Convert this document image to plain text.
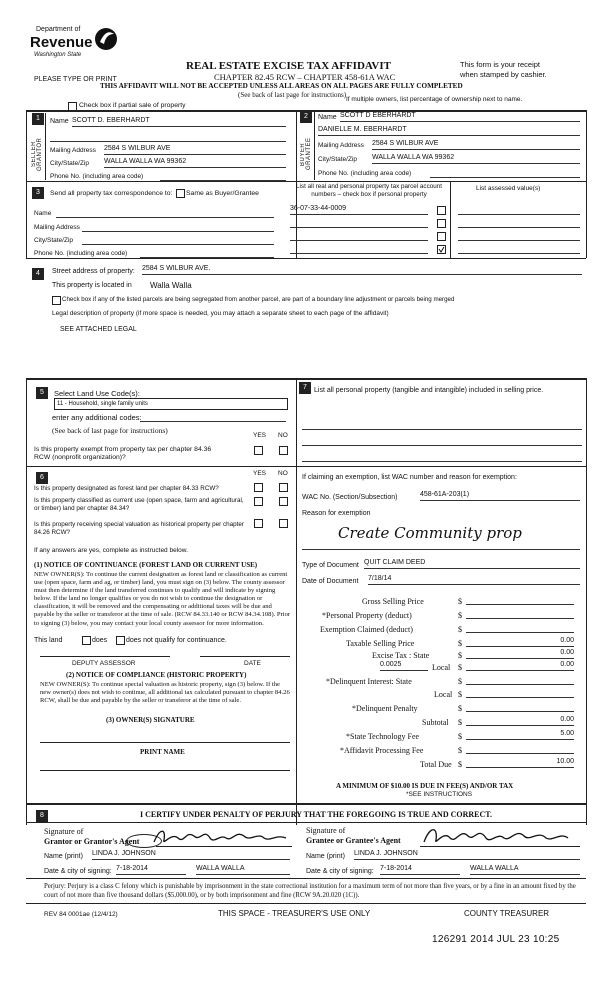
Department of
Revenue
Washington State
PLEASE TYPE OR PRINT
REAL ESTATE EXCISE TAX AFFIDAVIT
CHAPTER 82.45 RCW – CHAPTER 458-61A WAC
THIS AFFIDAVIT WILL NOT BE ACCEPTED UNLESS ALL AREAS ON ALL PAGES ARE FULLY COMPLETED
(See back of last page for instructions)
This form is your receipt
when stamped by cashier.
Check box if partial sale of property
If multiple owners, list percentage of ownership next to name.
1
SELLER GRANTOR
Name SCOTT D. EBERHARDT
Mailing Address 2584 S WILBUR AVE
City/State/Zip WALLA WALLA WA 99362
Phone No. (including area code)
2
BUYER GRANTEE
Name SCOTT D EBERHARDT
DANIELLE M. EBERHARDT
Mailing Address 2584 S WILBUR AVE
City/State/Zip WALLA WALLA WA 99362
Phone No. (including area code)
3	Send all property tax correspondence to: Same as Buyer/Grantee
Name
Mailing Address
City/State/Zip
Phone No. (including area code)
List all real and personal property tax parcel account numbers – check box if personal property
List assessed value(s)
36-07-33-44-0009
4	Street address of property: 2584 S WILBUR AVE.
This property is located in Walla Walla
Check box if any of the listed parcels are being segregated from another parcel, are part of a boundary line adjustment or parcels being merged
Legal description of property (if more space is needed, you may attach a separate sheet to each page of the affidavit)
SEE ATTACHED LEGAL
5	Select Land Use Code(s):
11 - Household, single family units
enter any additional codes:
(See back of last page for instructions)
YES NO
Is this property exempt from property tax per chapter 84.36 RCW (nonprofit organization)?
6
YES NO
Is this property designated as forest land per chapter 84.33 RCW?
Is this property classified as current use (open space, farm and agricultural, or timber) land per chapter 84.34?
Is this property receiving special valuation as historical property per chapter 84.26 RCW?
If any answers are yes, complete as instructed below.
(1) NOTICE OF CONTINUANCE (FOREST LAND OR CURRENT USE)
NEW OWNER(S): To continue the current designation as forest land or classification as current use (open space, farm and ag, or timber) land, you must sign on (3) below. The county assessor must then determine if the land transferred continues to qualify and will indicate by signing below. If the land no longer qualifies or you do not wish to continue the designation or classification, it will be removed and the compensating or additional taxes will be due and payable by the seller or transferor at the time of sale. (RCW 84.33.140 or RCW 84.34.108). Prior to signing (3) below, you may contact your local county assessor for more information.
This land	does	does not qualify for continuance.
DEPUTY ASSESSOR	DATE
(2) NOTICE OF COMPLIANCE (HISTORIC PROPERTY)
NEW OWNER(S): To continue special valuation as historic property, sign (3) below. If the new owner(s) does not wish to continue, all additional tax calculated pursuant to chapter 84.26 RCW, shall be due and payable by the seller or transferor at the time of sale.
(3) OWNER(S) SIGNATURE
PRINT NAME
7	List all personal property (tangible and intangible) included in selling price.
If claiming an exemption, list WAC number and reason for exemption:
WAC No. (Section/Subsection)	458-61A-203(1)
Reason for exemption
Create Community prop
Type of Document QUIT CLAIM DEED
Date of Document 7/18/14
Gross Selling Price	$
*Personal Property (deduct)	$
Exemption Claimed (deduct)	$
Taxable Selling Price	$	0.00
Excise Tax : State	$	0.00
Local $	0.00
*Delinquent Interest: State	$
Local $
*Delinquent Penalty	$
Subtotal $	0.00
*State Technology Fee	$	5.00
*Affidavit Processing Fee	$
Total Due $	10.00
0.0025
A MINIMUM OF $10.00 IS DUE IN FEE(S) AND/OR TAX
*SEE INSTRUCTIONS
8	I CERTIFY UNDER PENALTY OF PERJURY THAT THE FOREGOING IS TRUE AND CORRECT.
Signature of
Grantor or Grantor's Agent
Name (print) LINDA J. JOHNSON
Date & city of signing: 7-18-2014	WALLA WALLA
Signature of
Grantee or Grantee's Agent
Name (print) LINDA J. JOHNSON
Date & city of signing: 7-18-2014	WALLA WALLA
Perjury: Perjury is a class C felony which is punishable by imprisonment in the state correctional institution for a maximum term of not more than five years, or by a fine in an amount fixed by the court of not more than five thousand dollars ($5,000.00), or by both imprisonment and fine (RCW 9A.20.020 (1C)).
REV 84 0001ae (12/4/12)	THIS SPACE - TREASURER'S USE ONLY	COUNTY TREASURER
126291 2014 JUL 23 10:25
